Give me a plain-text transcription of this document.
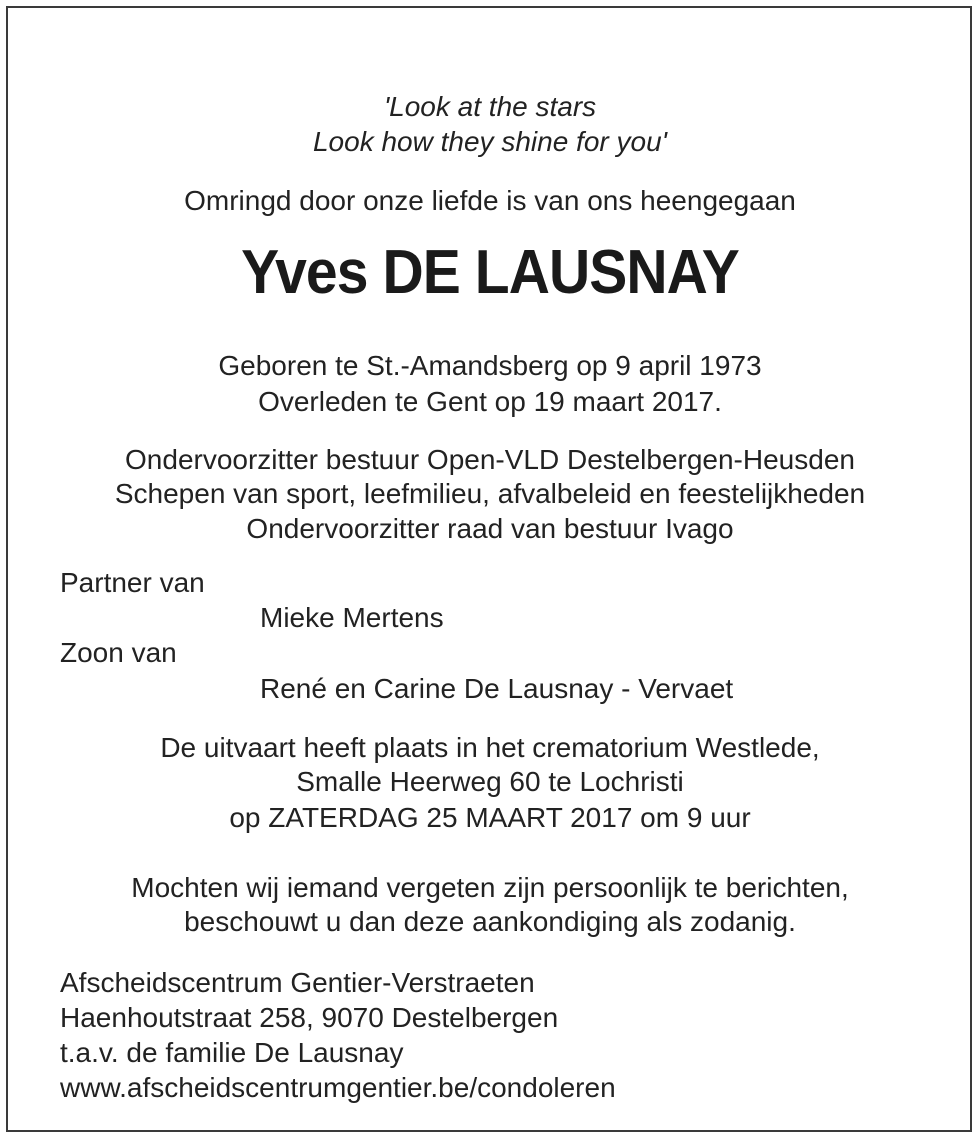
'Look at the stars
Look how they shine for you'
Omringd door onze liefde is van ons heengegaan
Yves DE LAUSNAY
Geboren te St.-Amandsberg op 9 april 1973
Overleden te Gent op 19 maart 2017.
Ondervoorzitter bestuur Open-VLD Destelbergen-Heusden
Schepen van sport, leefmilieu, afvalbeleid en feestelijkheden
Ondervoorzitter raad van bestuur Ivago
Partner van
Mieke Mertens
Zoon van
René en Carine De Lausnay - Vervaet
De uitvaart heeft plaats in het crematorium Westlede,
Smalle Heerweg 60 te Lochristi
op ZATERDAG 25 MAART 2017 om 9 uur
Mochten wij iemand vergeten zijn persoonlijk te berichten,
beschouwt u dan deze aankondiging als zodanig.
Afscheidscentrum Gentier-Verstraeten
Haenhoutstraat 258, 9070 Destelbergen
t.a.v. de familie De Lausnay
www.afscheidscentrumgentier.be/condoleren
